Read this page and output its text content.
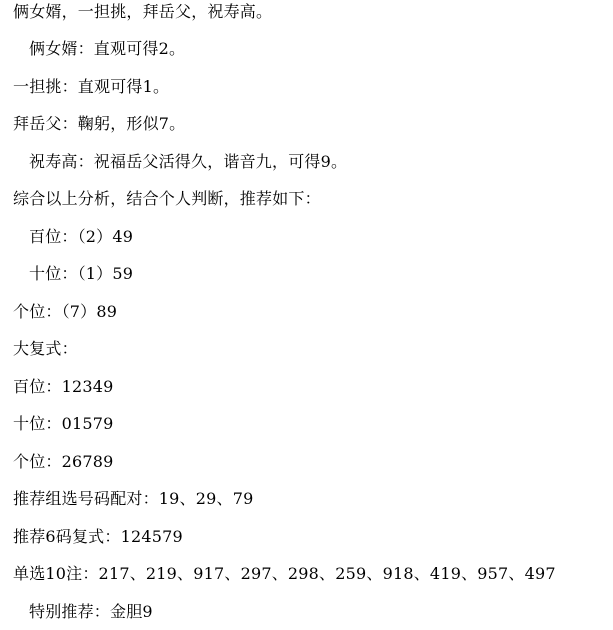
俩女婿，一担挑，拜岳父，祝寿高。
俩女婿：直观可得2。
一担挑：直观可得1。
拜岳父：鞠躬，形似7。
祝寿高：祝福岳父活得久，谐音九，可得9。
综合以上分析，结合个人判断，推荐如下：
百位：（2）49
十位：（1）59
个位：（7）89
大复式：
百位：12349
十位：01579
个位：26789
推荐组选号码配对：19、29、79
推荐6码复式：124579
单选10注：217、219、917、297、298、259、918、419、957、497
特别推荐：金胆9
